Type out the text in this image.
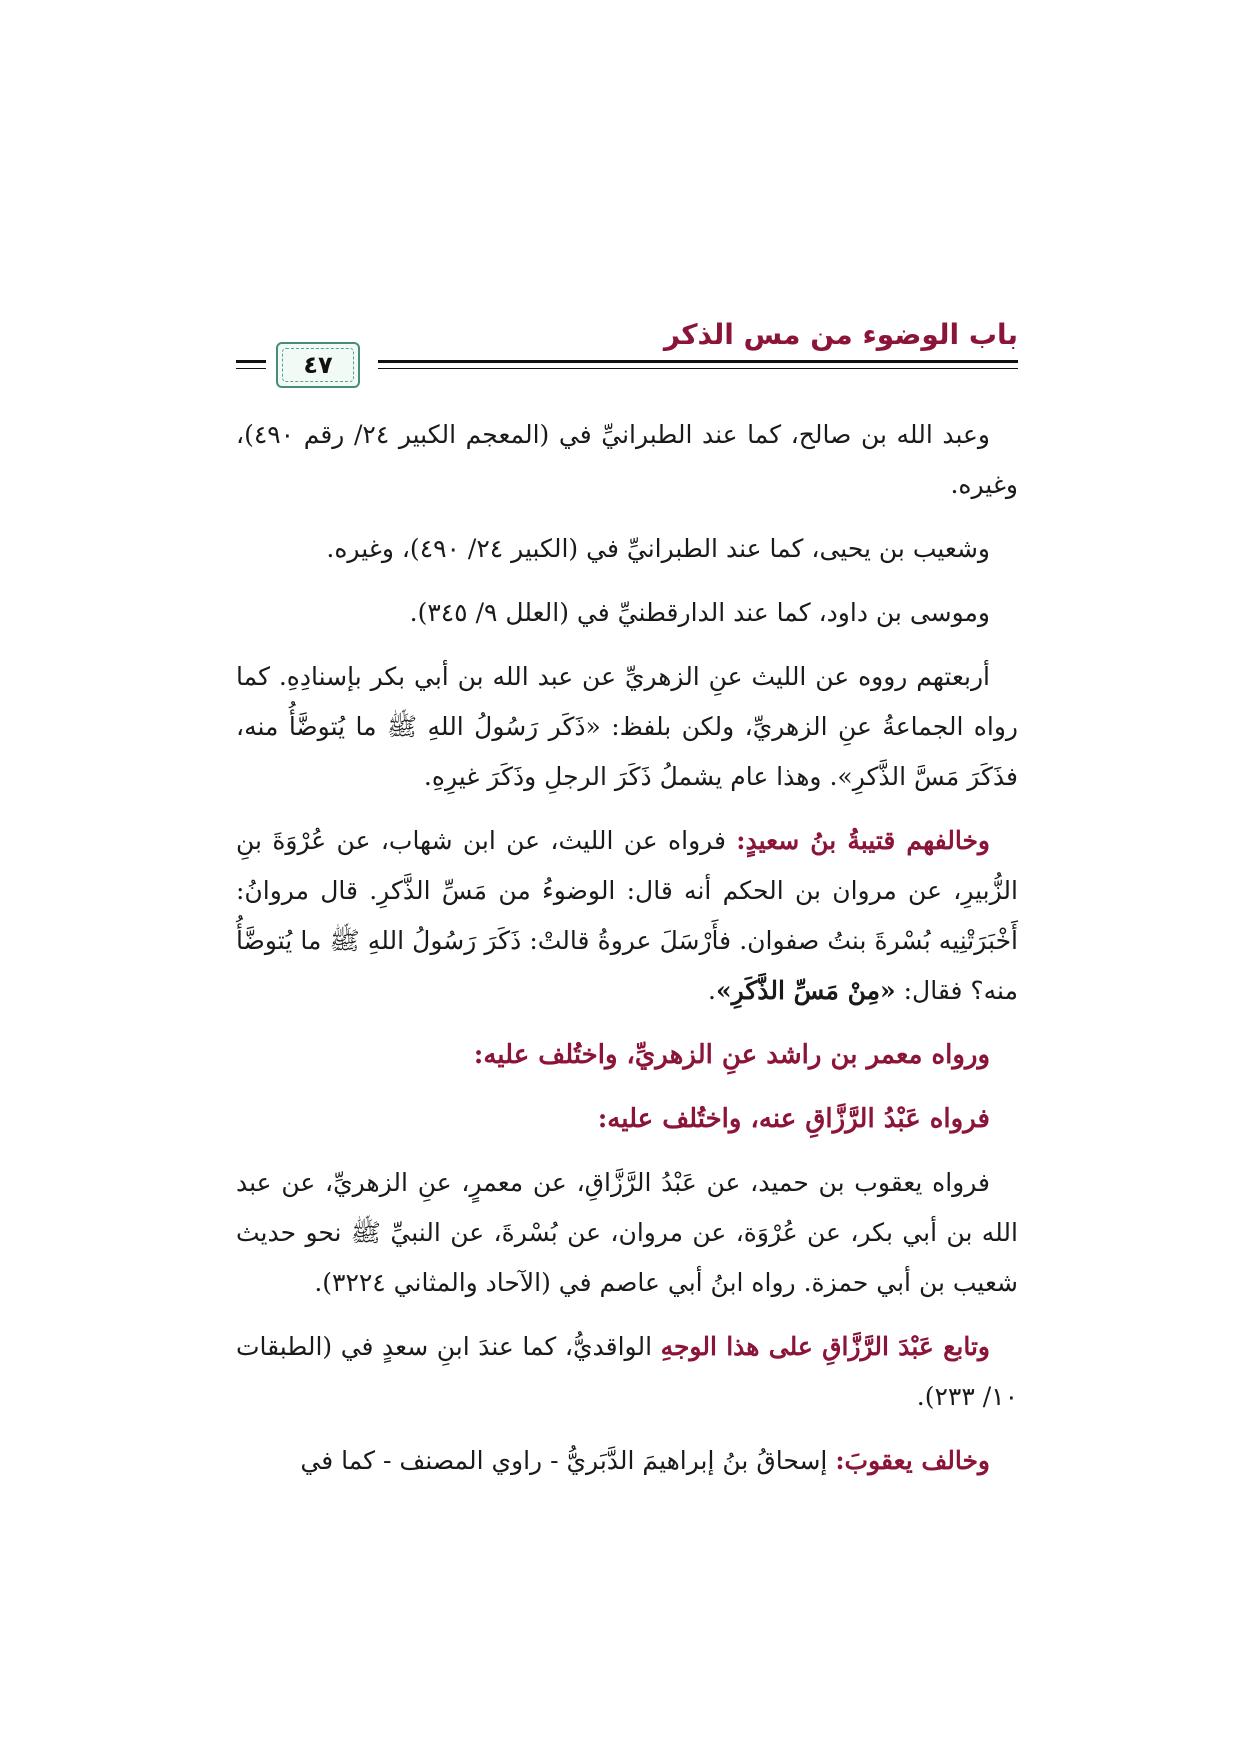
باب الوضوء من مس الذكر
٤٧

وعبد الله بن صالح، كما عند الطبرانيِّ في (المعجم الكبير ٢٤/ رقم ٤٩٠)، وغيره.

وشعيب بن يحيى، كما عند الطبرانيِّ في (الكبير ٢٤/ ٤٩٠)، وغيره.

وموسى بن داود، كما عند الدارقطنيِّ في (العلل ٩/ ٣٤٥).

أربعتهم رووه عن الليث عنِ الزهريِّ عن عبد الله بن أبي بكر بإسنادِهِ. كما رواه الجماعةُ عنِ الزهريِّ، ولكن بلفظ: «ذَكَر رَسُولُ اللهِ ﷺ ما يُتوضَّأُ منه، فذَكَرَ مَسَّ الذَّكرِ». وهذا عام يشملُ ذَكَرَ الرجلِ وذَكَرَ غيرِهِ.

وخالفهم قتيبةُ بنُ سعيدٍ: فرواه عن الليث، عن ابن شهاب، عن عُرْوَةَ بنِ الزُّبيرِ، عن مروان بن الحكم أنه قال: الوضوءُ من مَسِّ الذَّكرِ. قال مروانُ: أَخْبَرَتْنِيه بُسْرةَ بنتُ صفوان. فأَرْسَلَ عروةُ قالتْ: ذَكَرَ رَسُولُ اللهِ ﷺ ما يُتوضَّأُ منه؟ فقال: «مِنْ مَسِّ الذَّكَرِ».

ورواه معمر بن راشد عنِ الزهريِّ، واختُلف عليه:
فرواه عَبْدُ الرَّزَّاقِ عنه، واختُلف عليه:

فرواه يعقوب بن حميد، عن عَبْدُ الرَّزَّاقِ، عن معمرٍ، عنِ الزهريِّ، عن عبد الله بن أبي بكر، عن عُرْوَة، عن مروان، عن بُسْرةَ، عن النبيِّ ﷺ نحو حديث شعيب بن أبي حمزة. رواه ابنُ أبي عاصم في (الآحاد والمثاني ٣٢٢٤).

وتابع عَبْدَ الرَّزَّاقِ على هذا الوجهِ الواقديُّ، كما عندَ ابنِ سعدٍ في (الطبقات ١٠/ ٢٣٣).

وخالف يعقوبَ: إسحاقُ بنُ إبراهيمَ الدَّبَريُّ - راوي المصنف - كما في
